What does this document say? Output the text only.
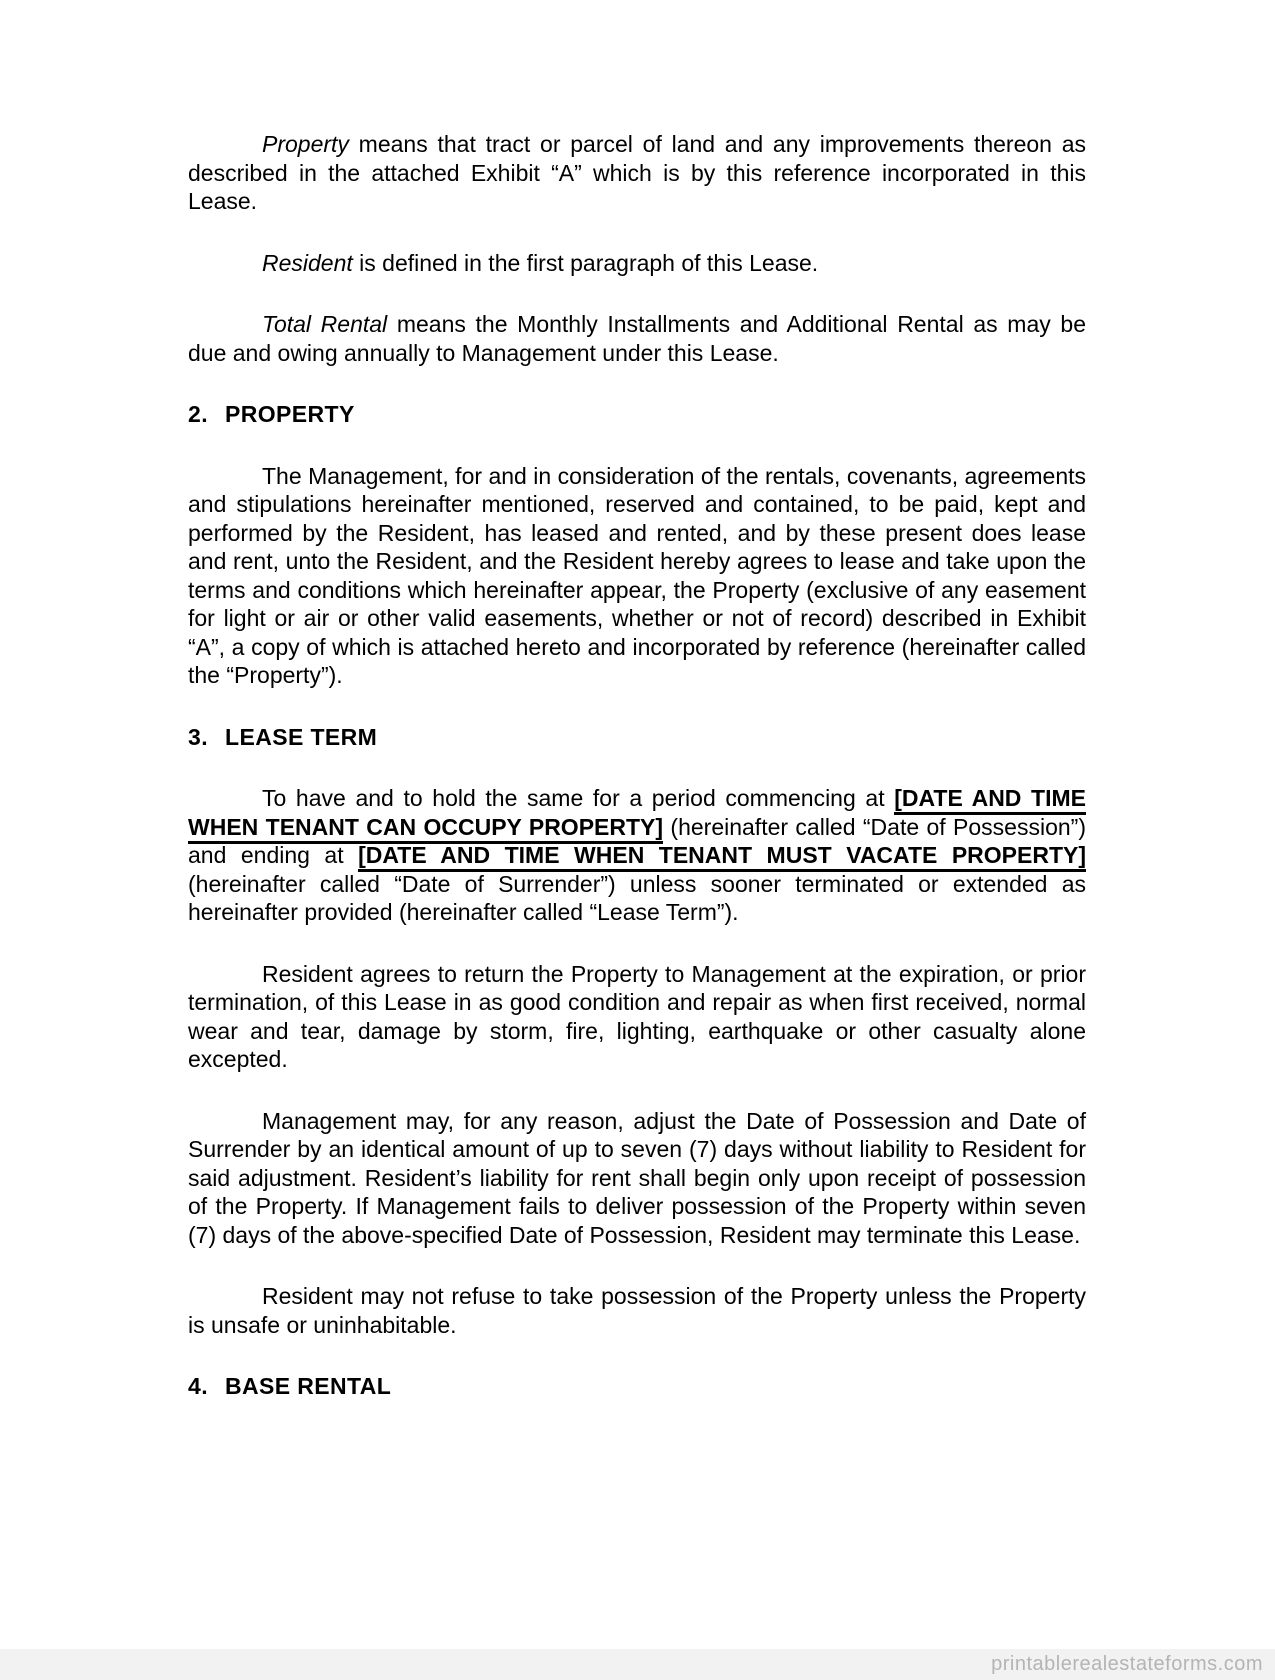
Property means that tract or parcel of land and any improvements thereon as described in the attached Exhibit “A” which is by this reference incorporated in this Lease.

Resident is defined in the first paragraph of this Lease.

Total Rental means the Monthly Installments and Additional Rental as may be due and owing annually to Management under this Lease.

2. PROPERTY

The Management, for and in consideration of the rentals, covenants, agreements and stipulations hereinafter mentioned, reserved and contained, to be paid, kept and performed by the Resident, has leased and rented, and by these present does lease and rent, unto the Resident, and the Resident hereby agrees to lease and take upon the terms and conditions which hereinafter appear, the Property (exclusive of any easement for light or air or other valid easements, whether or not of record) described in Exhibit “A”, a copy of which is attached hereto and incorporated by reference (hereinafter called the “Property”).

3. LEASE TERM

To have and to hold the same for a period commencing at [DATE AND TIME WHEN TENANT CAN OCCUPY PROPERTY] (hereinafter called “Date of Possession”) and ending at [DATE AND TIME WHEN TENANT MUST VACATE PROPERTY] (hereinafter called “Date of Surrender”) unless sooner terminated or extended as hereinafter provided (hereinafter called “Lease Term”).

Resident agrees to return the Property to Management at the expiration, or prior termination, of this Lease in as good condition and repair as when first received, normal wear and tear, damage by storm, fire, lighting, earthquake or other casualty alone excepted.

Management may, for any reason, adjust the Date of Possession and Date of Surrender by an identical amount of up to seven (7) days without liability to Resident for said adjustment. Resident’s liability for rent shall begin only upon receipt of possession of the Property. If Management fails to deliver possession of the Property within seven (7) days of the above-specified Date of Possession, Resident may terminate this Lease.

Resident may not refuse to take possession of the Property unless the Property is unsafe or uninhabitable.

4. BASE RENTAL
printablerealestateforms.com
